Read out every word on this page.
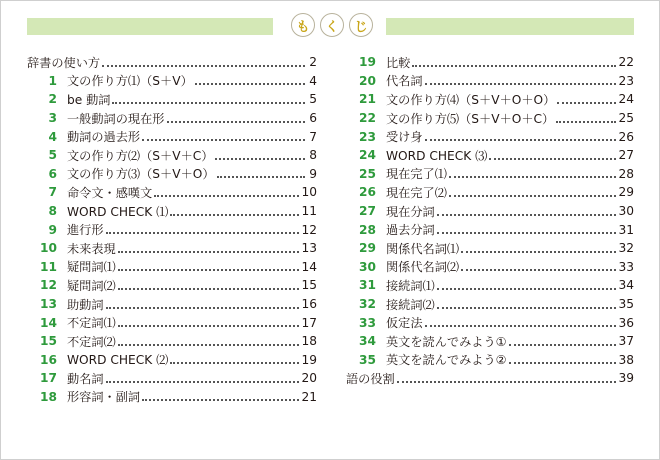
も	く	じ
辞書の使い方	2
1 文の作り方⑴（S＋V）	4
2 be 動詞	5
3 一般動詞の現在形	6
4 動詞の過去形	7
5 文の作り方⑵（S＋V＋C）	8
6 文の作り方⑶（S＋V＋O）	9
7 命令文・感嘆文	10
8 WORD CHECK ⑴	11
9 進行形	12
10 未来表現	13
11 疑問詞⑴	14
12 疑問詞⑵	15
13 助動詞	16
14 不定詞⑴	17
15 不定詞⑵	18
16 WORD CHECK ⑵	19
17 動名詞	20
18 形容詞・副詞	21
19 比較	22
20 代名詞	23
21 文の作り方⑷（S＋V＋O＋O）	24
22 文の作り方⑸（S＋V＋O＋C）	25
23 受け身	26
24 WORD CHECK ⑶	27
25 現在完了⑴	28
26 現在完了⑵	29
27 現在分詞	30
28 過去分詞	31
29 関係代名詞⑴	32
30 関係代名詞⑵	33
31 接続詞⑴	34
32 接続詞⑵	35
33 仮定法	36
34 英文を読んでみよう①	37
35 英文を読んでみよう②	38
語の役割	39
